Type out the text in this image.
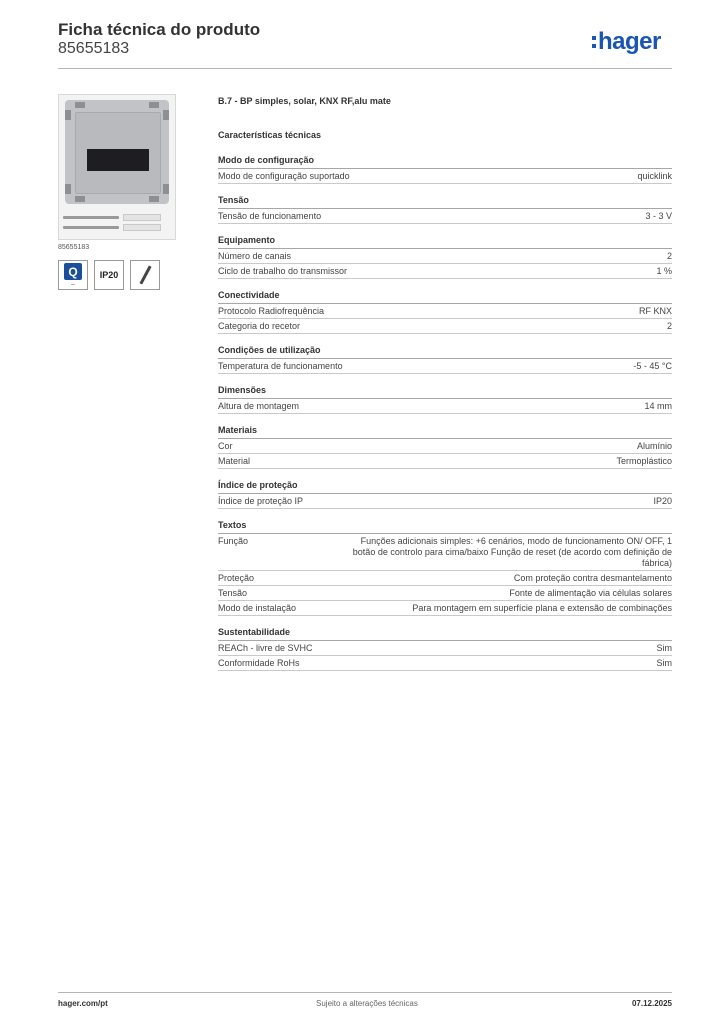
Ficha técnica do produto
85655183	hager
85655183
Q
—
IP20
B.7 - BP simples, solar, KNX RF,alu mate
Características técnicas
Modo de configuração
Modo de configuração suportado	quicklink
Tensão
Tensão de funcionamento	3 - 3 V
Equipamento
Número de canais	2
Ciclo de trabalho do transmissor	1 %
Conectividade
Protocolo Radiofrequência	RF KNX
Categoria do recetor	2
Condições de utilização
Temperatura de funcionamento	-5 - 45 °C
Dimensões
Altura de montagem	14 mm
Materiais
Cor	Alumínio
Material	Termoplástico
Índice de proteção
Índice de proteção IP	IP20
Textos
Função	Funções adicionais simples: +6 cenários, modo de funcionamento ON/ OFF, 1 botão de controlo para cima/baixo Função de reset (de acordo com definição de fábrica)
Proteção	Com proteção contra desmantelamento
Tensão	Fonte de alimentação via células solares
Modo de instalação	Para montagem em superfície plana e extensão de combinações
Sustentabilidade
REACh - livre de SVHC	Sim
Conformidade RoHs	Sim
hager.com/pt	Sujeito a alterações técnicas	07.12.2025
